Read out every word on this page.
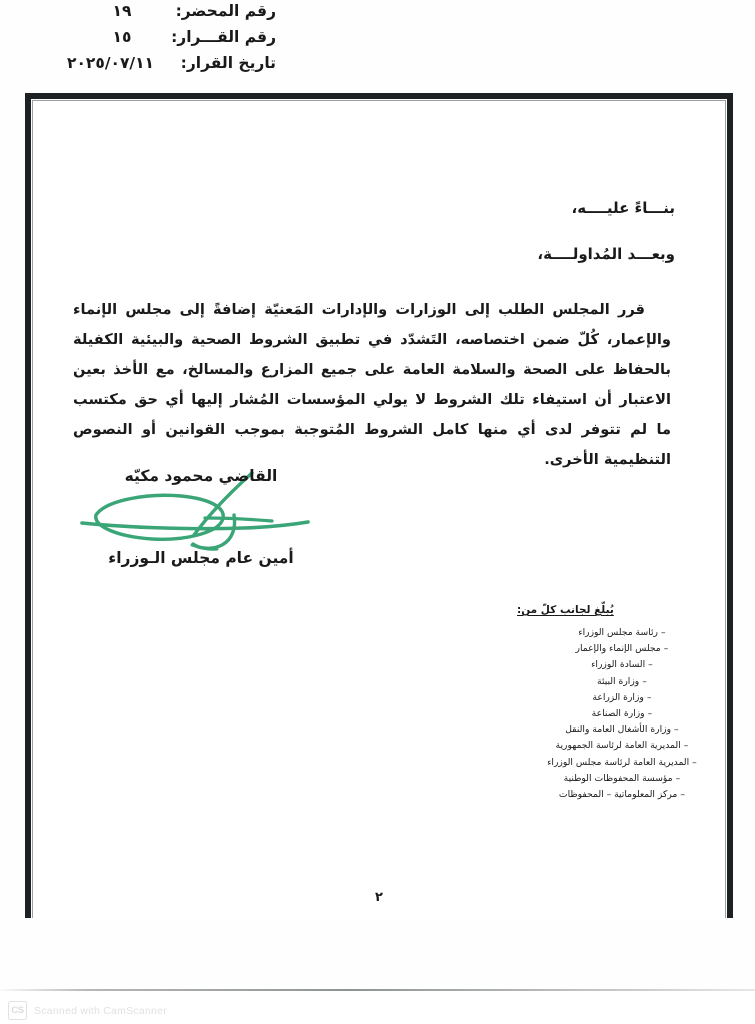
رقم المحضر:
١٩
رقم القـــرار:
١٥
تاريخ القرار:
٢٠٢٥/٠٧/١١
بنـــاءً عليــــه،
وبعـــد المُداولــــة،

قرر المجلس الطلب إلى الوزارات والإدارات المَعنيّة إضافةً إلى مجلس الإنماء والإعمار، كُلّ ضمن اختصاصه، التَشدّد في تطبيق الشروط الصحية والبيئية الكفيلة بالحفاظ على الصحة والسلامة العامة على جميع المزارع والمسالخ، مع الأخذ بعين الاعتبار أن استيفاء تلك الشروط لا يولي المؤسسات المُشار إليها أي حق مكتسب

ما لم تتوفر لدى أي منها كامل الشروط المُتوجبة بموجب القوانين أو النصوص التنظيمية الأخرى.

القاضي محمود مكيّه
أمين عام مجلس الـوزراء
يُبلّغ لجانب كلّ من:
–رئاسة مجلس الوزراء
–مجلس الإنماء والإعمار
–السادة الوزراء
–وزارة البيئة
–وزارة الزراعة
–وزارة الصناعة
–وزارة الأشغال العامة والنقل
–المديرية العامة لرئاسة الجمهورية
–المديرية العامة لرئاسة مجلس الوزراء
–مؤسسة المحفوظات الوطنية
–مركز المعلوماتية – المحفوظات
٢
CS Scanned with CamScanner
